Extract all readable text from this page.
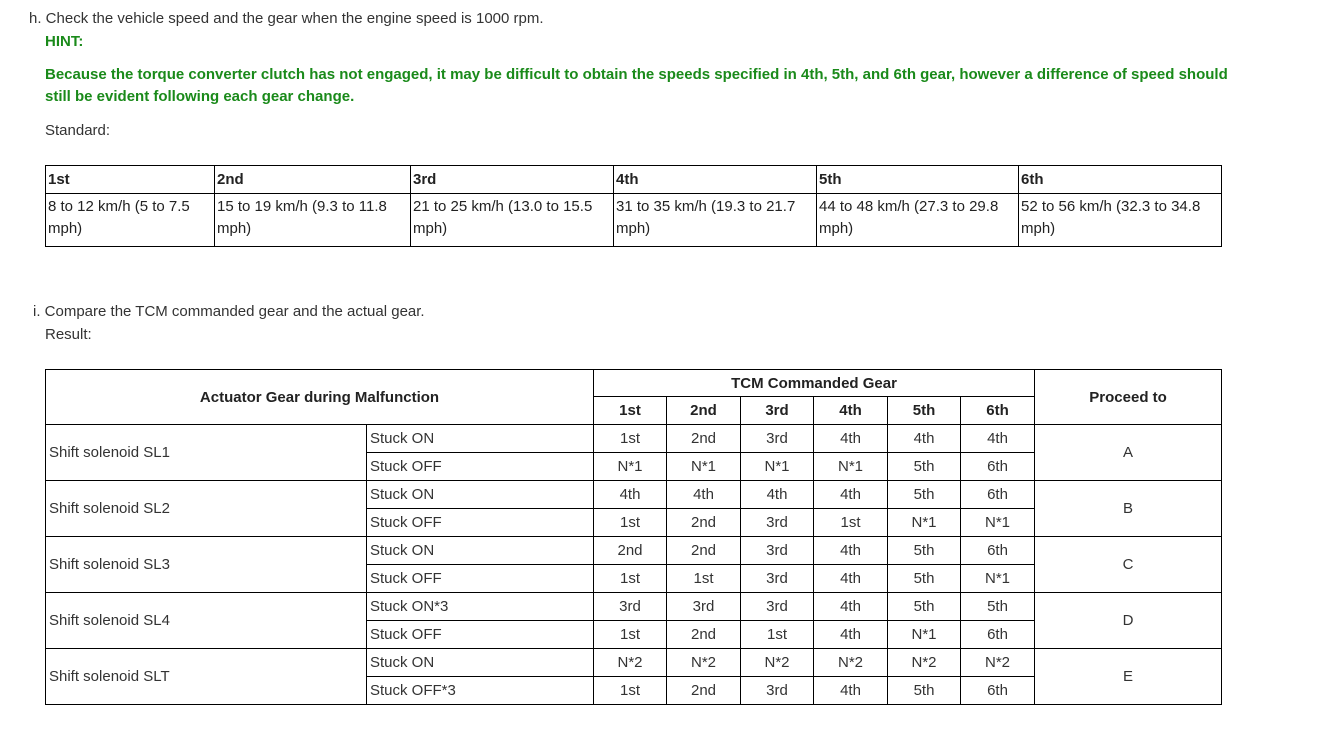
h. Check the vehicle speed and the gear when the engine speed is 1000 rpm.
HINT:
Because the torque converter clutch has not engaged, it may be difficult to obtain the speeds specified in 4th, 5th, and 6th gear, however a difference of speed should still be evident following each gear change.
Standard:
1st	2nd	3rd	4th	5th	6th
8 to 12 km/h (5 to 7.5 mph)	15 to 19 km/h (9.3 to 11.8 mph)	21 to 25 km/h (13.0 to 15.5 mph)	31 to 35 km/h (19.3 to 21.7 mph)	44 to 48 km/h (27.3 to 29.8 mph)	52 to 56 km/h (32.3 to 34.8 mph)
i. Compare the TCM commanded gear and the actual gear.
Result:
Actuator Gear during Malfunction		TCM Commanded Gear						Proceed to
		1st	2nd	3rd	4th	5th	6th	
Shift solenoid SL1	Stuck ON	1st	2nd	3rd	4th	4th	4th	A
	Stuck OFF	N*1	N*1	N*1	N*1	5th	6th	
Shift solenoid SL2	Stuck ON	4th	4th	4th	4th	5th	6th	B
	Stuck OFF	1st	2nd	3rd	1st	N*1	N*1	
Shift solenoid SL3	Stuck ON	2nd	2nd	3rd	4th	5th	6th	C
	Stuck OFF	1st	1st	3rd	4th	5th	N*1	
Shift solenoid SL4	Stuck ON*3	3rd	3rd	3rd	4th	5th	5th	D
	Stuck OFF	1st	2nd	1st	4th	N*1	6th	
Shift solenoid SLT	Stuck ON	N*2	N*2	N*2	N*2	N*2	N*2	E
	Stuck OFF*3	1st	2nd	3rd	4th	5th	6th	
